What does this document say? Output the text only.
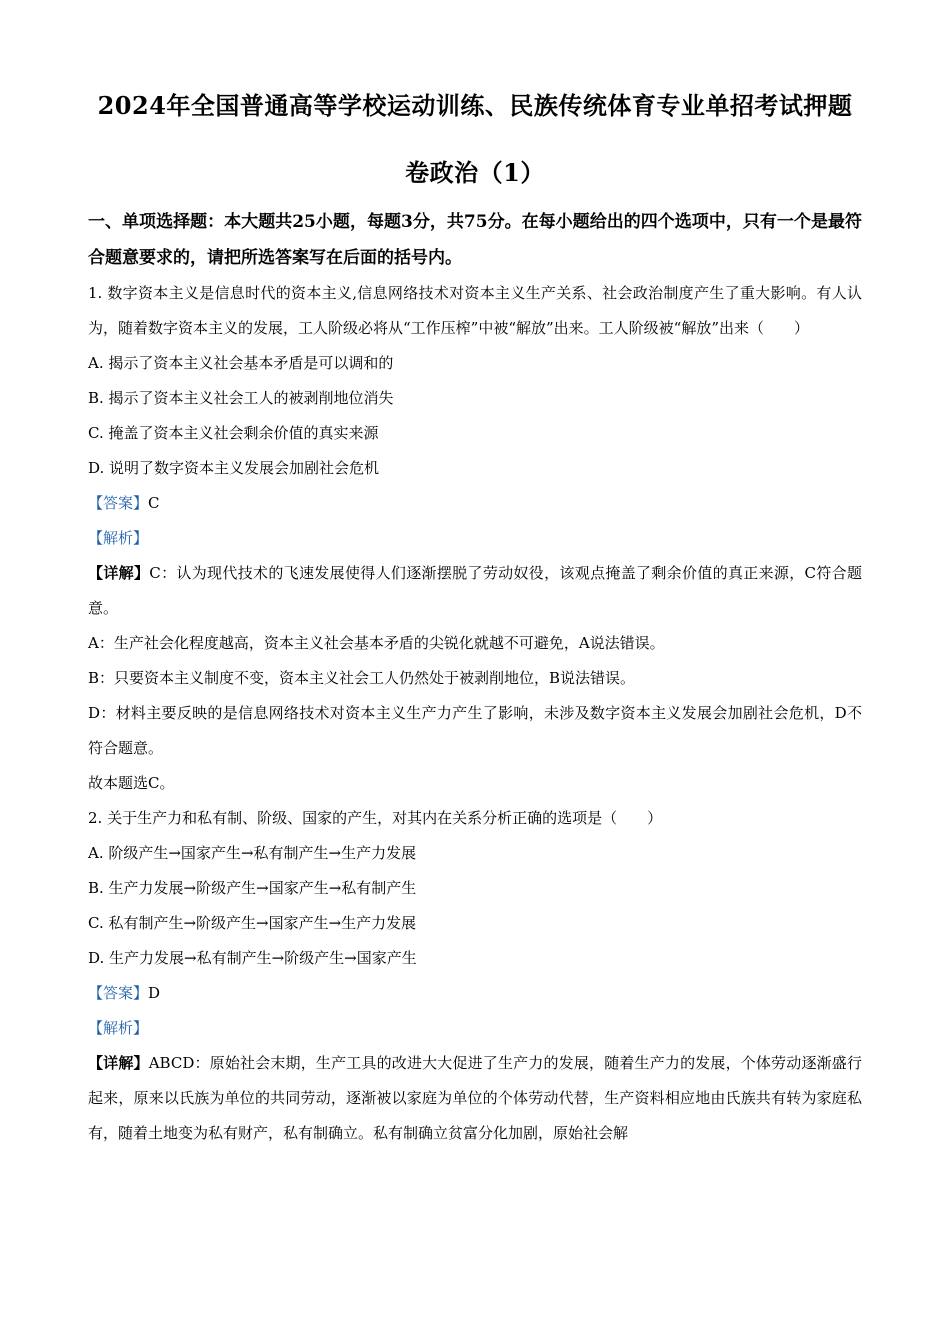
2024年全国普通高等学校运动训练、民族传统体育专业单招考试押题
卷政治（1）
一、单项选择题：本大题共25小题，每题3分，共75分。在每小题给出的四个选项中，只有一个是最符合题意要求的，请把所选答案写在后面的括号内。

1. 数字资本主义是信息时代的资本主义,信息网络技术对资本主义生产关系、社会政治制度产生了重大影响。有人认为，随着数字资本主义的发展，工人阶级必将从“工作压榨”中被“解放”出来。工人阶级被“解放”出来（　　）

A. 揭示了资本主义社会基本矛盾是可以调和的

B. 揭示了资本主义社会工人的被剥削地位消失

C. 掩盖了资本主义社会剩余价值的真实来源

D. 说明了数字资本主义发展会加剧社会危机

【答案】C

【解析】

【详解】C：认为现代技术的飞速发展使得人们逐渐摆脱了劳动奴役，该观点掩盖了剩余价值的真正来源，C符合题意。

A：生产社会化程度越高，资本主义社会基本矛盾的尖锐化就越不可避免，A说法错误。

B：只要资本主义制度不变，资本主义社会工人仍然处于被剥削地位，B说法错误。

D：材料主要反映的是信息网络技术对资本主义生产力产生了影响，未涉及数字资本主义发展会加剧社会危机，D不符合题意。

故本题选C。

2. 关于生产力和私有制、阶级、国家的产生，对其内在关系分析正确的选项是（　　）

A. 阶级产生→国家产生→私有制产生→生产力发展

B. 生产力发展→阶级产生→国家产生→私有制产生

C. 私有制产生→阶级产生→国家产生→生产力发展

D. 生产力发展→私有制产生→阶级产生→国家产生

【答案】D

【解析】

【详解】ABCD：原始社会末期，生产工具的改进大大促进了生产力的发展，随着生产力的发展，个体劳动逐渐盛行起来，原来以氏族为单位的共同劳动，逐渐被以家庭为单位的个体劳动代替，生产资料相应地由氏族共有转为家庭私有，随着土地变为私有财产，私有制确立。私有制确立贫富分化加剧，原始社会解
